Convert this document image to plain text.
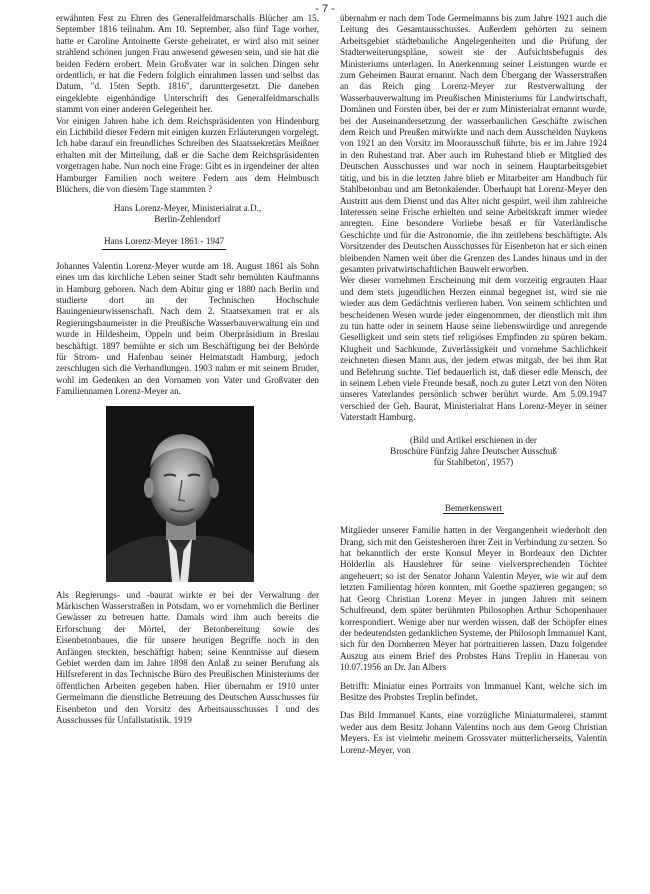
- 7 -

erwähnten Fest zu Ehren des Generalfeldmarschalls Blücher am 15. September 1816 teilnahm. Am 10. September, also fünf Tage vorher, hatte er Caroline Antoinette Gerste geheiratet, er wird also mit seiner strahlend schönen jungen Frau anwesend gewesen sein, und sie hat die beiden Federn erobert. Mein Großvater war in solchen Dingen sehr ordentlich, er hat die Federn folglich einrahmen lassen und selbst das Datum, "d. 15ten Septb. 1816", darunttergesetzt. Die daneben eingeklebte eigenhändige Unterschrift des Generalfeldmarschalls stammt von einer anderen Gelegenheit her.

Vor einigen Jahren habe ich dem Reichspräsidenten von Hindenburg ein Lichtbild dieser Federn mit einigen kurzen Erläuterungen vorgelegt. Ich habe darauf ein freundliches Schreiben des Staatssekretärs Meißner erhalten mit der Mitteilung, daß er die Sache dem Reichspräsidenten vorgetragen habe. Nun noch eine Frage: Gibt es in irgendeiner der alten Hamburger Familien noch weitere Federn aus dem Helmbusch Blüchers, die von diesem Tage stammten ?

Hans Lorenz-Meyer, Ministerialrat a.D.,

Berlin-Zehlendorf

Hans Lorenz-Meyer 1861 - 1947

Johannes Valentin Lorenz-Meyer wurde am 18. August 1861 als Sohn eines um das kirchliche Leben seiner Stadt sehr bemühten Kaufmanns in Hamburg geboren. Nach dem Abitur ging er 1880 nach Berlin und studierte dort an der Technischen Hochschule Bauingenieurwissenschaft. Nach dem 2. Staatsexamen trat er als Regierungsbaumeister in die Preußische Wasserbauverwaltung ein und wurde in Hildesheim, Oppeln und beim Oberpräsidium in Breslau beschäftigt. 1897 bemühte er sich um Beschäftigung bei der Behörde für Strom- und Hafenbau seiner Heimatstadt Hamburg, jedoch zerschlugen sich die Verhandlungen. 1903 nahm er mit seinem Bruder, wohl im Gedenken an den Vornamen von Vater und Großvater den Familiennamen Lorenz-Meyer an.

Als Regierungs- und -baurat wirkte er bei der Verwaltung der Märkischen Wasserstraßen in Potsdam, wo er vornehmlich die Berliner Gewässer zu betreuen hatte. Damals wird ihm auch bereits die Erforschung der Mörtel, der Betonbereitung sowie des Eisenbetonbaues, die für unsere heutigen Begriffe noch in den Anfängen steckten, beschäftigt haben; seine Kenntnisse auf diesem Gebiet werden dam im Jahre 1898 den Anlaß zu seiner Berufung als Hilfsreferent in das Technische Büro des Preußischen Ministeriums der öffentlichen Arbeiten gegeben haben. Hier übernahm er 1910 unter Germelmann die dienstliche Betreuung des Deutschen Ausschusses für Eisenbeton und den Vorsitz des Arbeitsausschusses I und des Ausschusses für Unfallstatistik. 1919

übernahm er nach dem Tode Germelmanns bis zum Jahre 1921 auch die Leitung des Gesamtausschusses. Außerdem gehörten zu seinem Arbeitsgebiet städtebauliche Angelegenheiten und die Prüfung der Stadterweiterungspläne, soweit sie der Aufsichtsbefugnis des Ministeriums unterlagen. In Anerkennung seiner Leistungen wurde er zum Geheimen Baurat ernannt. Nach dem Übergang der Wasserstraßen an das Reich ging Lorenz-Meyer zur Restverwaltung der Wasserbauverwaltung im Preußischen Ministeriums für Landwirtschaft, Domänen und Forsten über, bei der er zum Ministerialrat ernannt wurde, bei der Auseinandersetzung der wasserbaulichen Geschäfte zwischen dem Reich und Preußen mitwirkte und nach dem Ausscheiden Nuykens von 1921 an den Vorsitz im Moorausschuß führte, bis er im Jahre 1924 in den Ruhestand trat. Aber auch im Ruhestand blieb er Mitglied des Deutschen Ausschusses und war noch in seinem Hauptarbeitsgebiet tätig, und bis in die letzten Jahre blieb er Mitarbeiter am Handbuch für Stahlbetonbau und am Betonkalender. Überhaupt hat Lorenz-Meyer den Austritt aus dem Dienst und das Alter nicht gespürt, weil ihm zahlreiche Interessen seine Frische erhielten und seine Arbeitskraft immer wieder anregten. Eine besondere Vorliebe besaß er für Vaterländische Geschichte und für die Astronomie, die ihn zeitlebens beschäftigte. Als Vorsitzender des Deutschen Ausschusses für Eisenbeton hat er sich einen bleibenden Namen weit über die Grenzen des Landes hinaus und in der gesamten privatwirtschaftlichen Bauwelt erworben.

Wer dieser vornehmen Erscheinung mit dem vorzeitig ergrauten Haar und dem stets jugendlichen Herzen einmal begegnet ist, wird sie nie wieder aus dem Gedächtnis verlieren haben. Von seinem schlichten und bescheidenen Wesen wurde jeder eingenommen, der dienstlich mit ihm zu tun hatte oder in seinem Hause seine liebenswürdige und anregende Geselligkeit und sein stets tief religiöses Empfinden zu spüren bekam. Klugheit und Sachkunde, Zuverlässigkeit und vornehme Sachlichkeit zeichneten diesen Mann aus, der jedem etwas mitgab, der bei ihm Rat und Belehrung suchte. Tief bedauerlich ist, daß dieser edle Mensch, der in seinem Leben viele Freunde besaß, noch zu guter Letzt von den Nöten unseres Vaterlandes persönlich schwer berührt wurde. Am 5.09.1947 verschied der Geh. Baurat, Ministerialrat Hans Lorenz-Meyer in seiner Vaterstadt Hamburg.

(Bild und Artikel erschienen in der

Broschüre Fünfzig Jahre Deutscher Ausschuß

für Stahlbeton', 1957)

Bemerkenswert

Mitglieder unserer Familie hatten in der Vergangenheit wiederholt den Drang, sich mit den Geistesheroen ihrer Zeit in Verbindung zu setzen. So hat bekanntlich der erste Konsul Meyer in Bordeaux den Dichter Hölderlin als Hauslehrer für seine vielversprechenden Töchter angeheuert; so ist der Senator Johann Valentin Meyer, wie wir auf dem letzten Familientag hören konnten, mit Goethe spazieren gegangen; so hat Georg Christian Lorenz Meyer in jungen Jahren mit seinem Schulfreund, dem später berühmten Philosophen Arthur Schopenhauer korrespondiert. Wenige aber nur werden wissen, daß der Schöpfer eines der bedeutendsten gedanklichen Systeme, der Philosoph Immanuel Kant, sich für den Dornherren Meyer hat portraitieren lassen. Dazu folgender Auszug aus einem Brief des Probstes Hans Treplin in Hanerau von 10.07.1956 an Dr. Jan Albers

Betrifft: Miniatur eines Portraits von Immanuel Kant, welche sich im Besitze des Probstes Treplin befindet.

Das Bild Immanuel Kants, eine vorzügliche Miniaturmalerei, stammt weder aus dem Besitz Johann Valentins noch aus dem Georg Christian Meyers. Es ist vielmehr meinem Grossvater mütterlicherseits, Valentin Lorenz-Meyer, von
